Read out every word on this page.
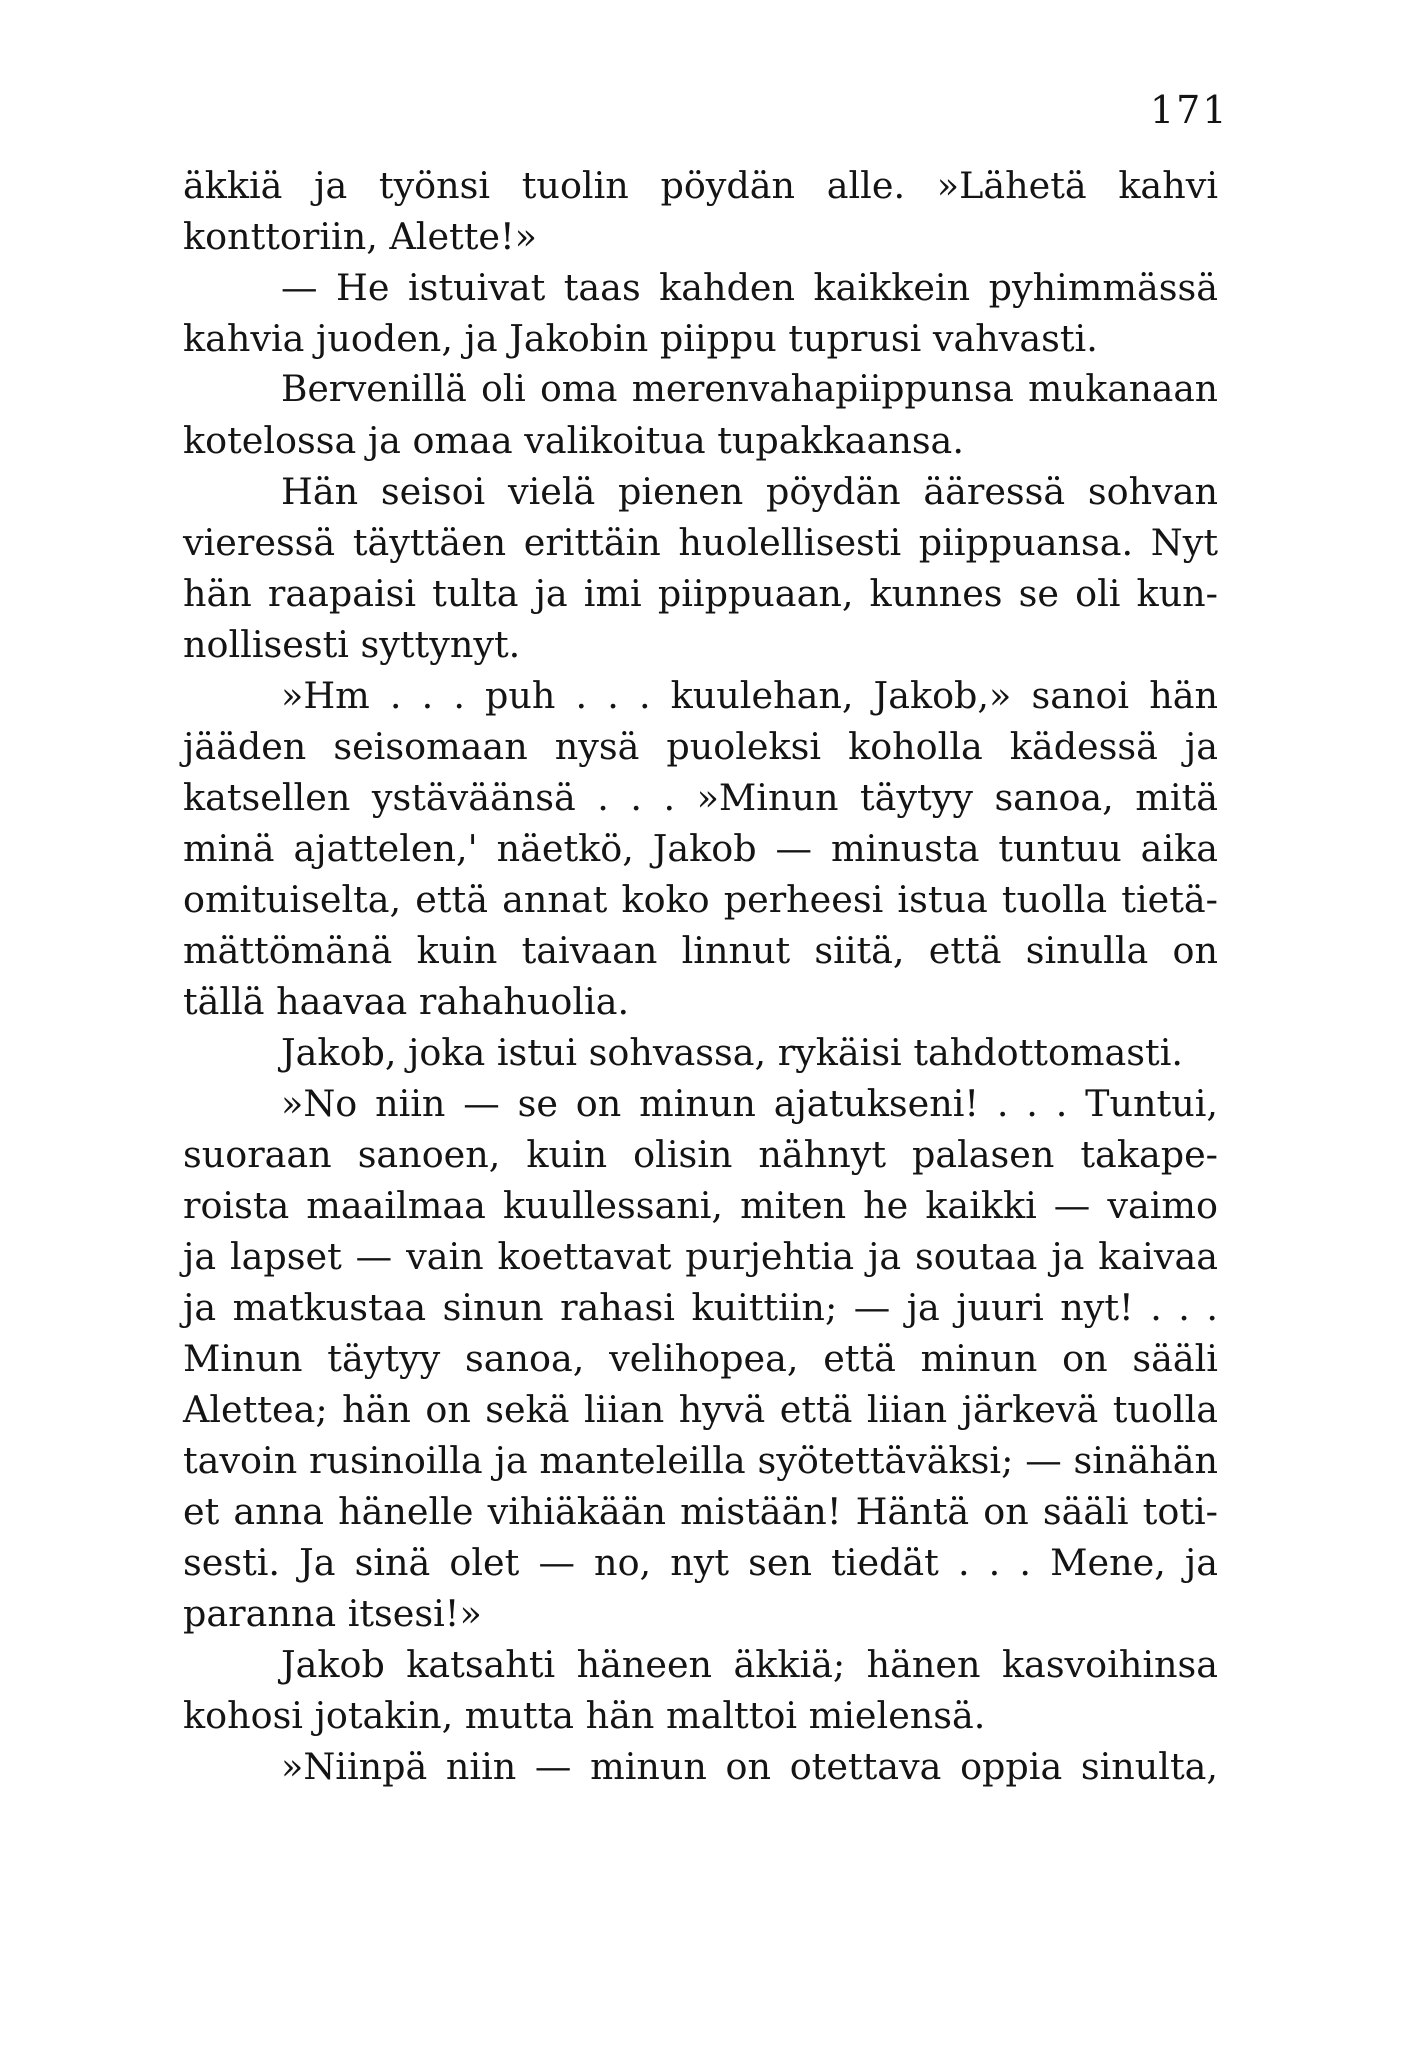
171
äkkiä ja työnsi tuolin pöydän alle. »Lähetä kahvi
konttoriin, Alette!»
— He istuivat taas kahden kaikkein pyhimmässä
kahvia juoden, ja Jakobin piippu tuprusi vahvasti.
Bervenillä oli oma merenvahapiippunsa mukanaan
kotelossa ja omaa valikoitua tupakkaansa.
Hän seisoi vielä pienen pöydän ääressä sohvan
vieressä täyttäen erittäin huolellisesti piippuansa. Nyt
hän raapaisi tulta ja imi piippuaan, kunnes se oli kun-
nollisesti syttynyt.
»Hm . . . puh . . . kuulehan, Jakob,» sanoi hän
jääden seisomaan nysä puoleksi koholla kädessä ja
katsellen ystäväänsä . . . »Minun täytyy sanoa, mitä
minä ajattelen,' näetkö, Jakob — minusta tuntuu aika
omituiselta, että annat koko perheesi istua tuolla tietä-
mättömänä kuin taivaan linnut siitä, että sinulla on
tällä haavaa rahahuolia.
Jakob, joka istui sohvassa, rykäisi tahdottomasti.
»No niin — se on minun ajatukseni! . . . Tuntui,
suoraan sanoen, kuin olisin nähnyt palasen takape-
roista maailmaa kuullessani, miten he kaikki — vaimo
ja lapset — vain koettavat purjehtia ja soutaa ja kaivaa
ja matkustaa sinun rahasi kuittiin; — ja juuri nyt! . . .
Minun täytyy sanoa, velihopea, että minun on sääli
Alettea; hän on sekä liian hyvä että liian järkevä tuolla
tavoin rusinoilla ja manteleilla syötettäväksi; — sinähän
et anna hänelle vihiäkään mistään! Häntä on sääli toti-
sesti. Ja sinä olet — no, nyt sen tiedät . . . Mene, ja
paranna itsesi!»
Jakob katsahti häneen äkkiä; hänen kasvoihinsa
kohosi jotakin, mutta hän malttoi mielensä.
»Niinpä niin — minun on otettava oppia sinulta,
